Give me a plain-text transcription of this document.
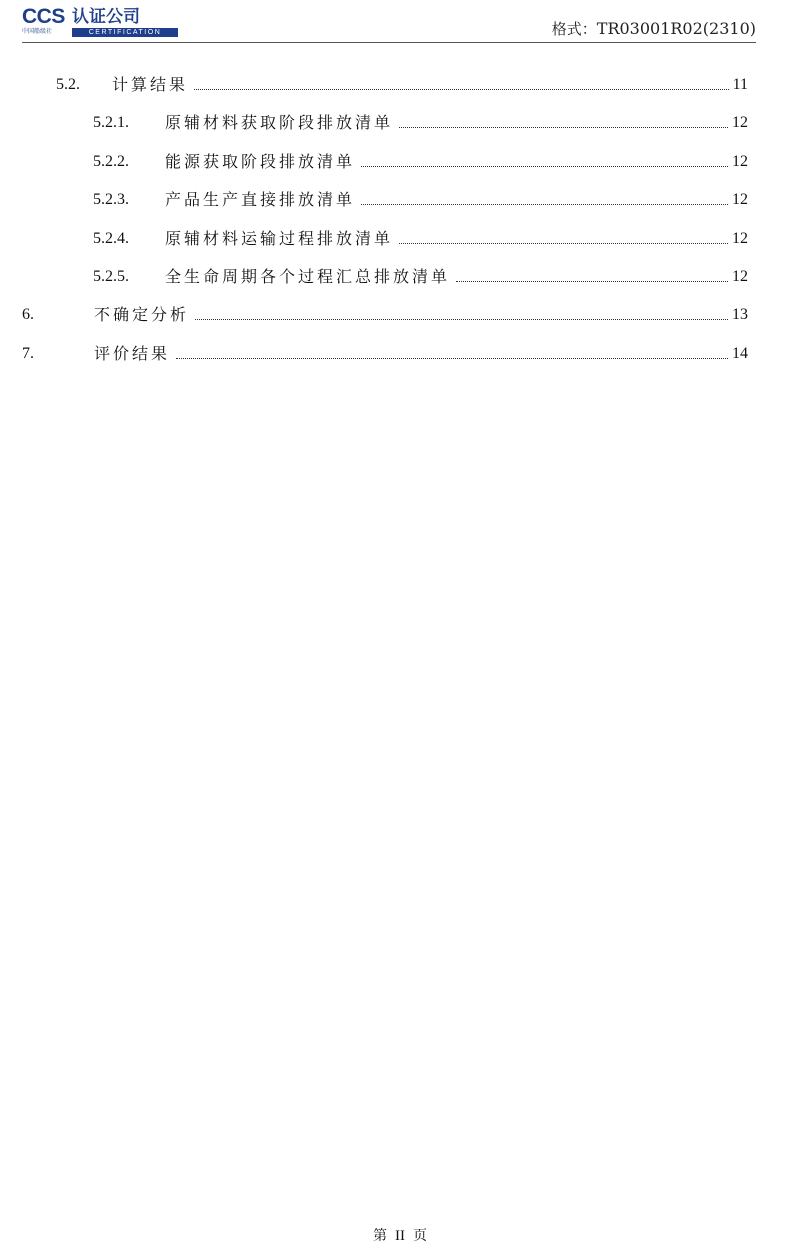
CCS 认证公司
中国船级社	CERTIFICATION	格式：TR03001R02(2310)
5.2.	计算结果	11
5.2.1.	原辅材料获取阶段排放清单	12
5.2.2.	能源获取阶段排放清单	12
5.2.3.	产品生产直接排放清单	12
5.2.4.	原辅材料运输过程排放清单	12
5.2.5.	全生命周期各个过程汇总排放清单	12
6.	不确定分析	13
7.	评价结果	14
第 II 页
